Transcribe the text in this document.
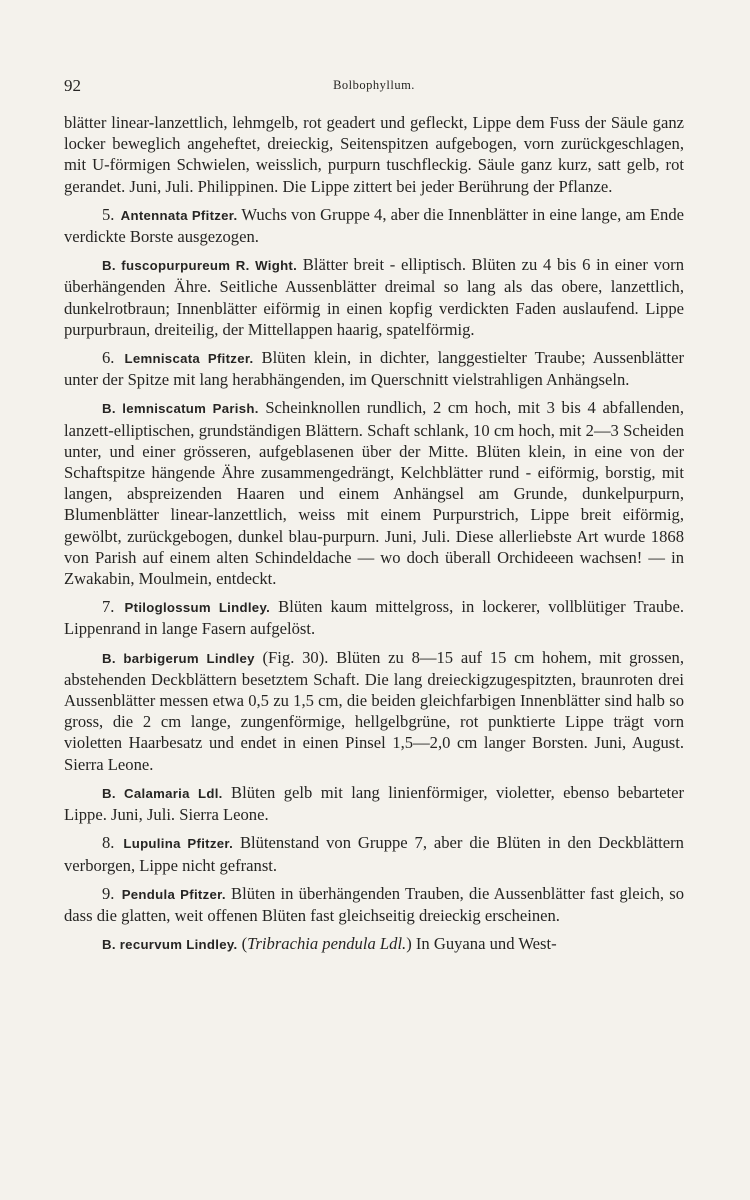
92	Bolbophyllum.

blätter linear-lanzettlich, lehmgelb, rot geadert und gefleckt, Lippe dem Fuss der Säule ganz locker beweglich angeheftet, dreieckig, Seitenspitzen aufgebogen, vorn zurückgeschlagen, mit U-förmigen Schwielen, weisslich, purpurn tuschfleckig. Säule ganz kurz, satt gelb, rot gerandet. Juni, Juli. Philippinen. Die Lippe zittert bei jeder Berührung der Pflanze.

5. Antennata Pfitzer. Wuchs von Gruppe 4, aber die Innenblätter in eine lange, am Ende verdickte Borste ausgezogen.

B. fuscopurpureum R. Wight. Blätter breit - elliptisch. Blüten zu 4 bis 6 in einer vorn überhängenden Ähre. Seitliche Aussenblätter dreimal so lang als das obere, lanzettlich, dunkelrotbraun; Innenblätter eiförmig in einen kopfig verdickten Faden auslaufend. Lippe purpurbraun, dreiteilig, der Mittellappen haarig, spatelförmig.

6. Lemniscata Pfitzer. Blüten klein, in dichter, langgestielter Traube; Aussenblätter unter der Spitze mit lang herabhängenden, im Querschnitt vielstrahligen Anhängseln.

B. lemniscatum Parish. Scheinknollen rundlich, 2 cm hoch, mit 3 bis 4 abfallenden, lanzett-elliptischen, grundständigen Blättern. Schaft schlank, 10 cm hoch, mit 2—3 Scheiden unter, und einer grösseren, aufgeblasenen über der Mitte. Blüten klein, in eine von der Schaftspitze hängende Ähre zusammengedrängt, Kelchblätter rund - eiförmig, borstig, mit langen, abspreizenden Haaren und einem Anhängsel am Grunde, dunkelpurpurn, Blumenblätter linear-lanzettlich, weiss mit einem Purpurstrich, Lippe breit eiförmig, gewölbt, zurückgebogen, dunkel blau-purpurn. Juni, Juli. Diese allerliebste Art wurde 1868 von Parish auf einem alten Schindeldache — wo doch überall Orchideeen wachsen! — in Zwakabin, Moulmein, entdeckt.

7. Ptiloglossum Lindley. Blüten kaum mittelgross, in lockerer, vollblütiger Traube. Lippenrand in lange Fasern aufgelöst.

B. barbigerum Lindley (Fig. 30). Blüten zu 8—15 auf 15 cm hohem, mit grossen, abstehenden Deckblättern besetztem Schaft. Die lang dreieckigzugespitzten, braunroten drei Aussenblätter messen etwa 0,5 zu 1,5 cm, die beiden gleichfarbigen Innenblätter sind halb so gross, die 2 cm lange, zungenförmige, hellgelbgrüne, rot punktierte Lippe trägt vorn violetten Haarbesatz und endet in einen Pinsel 1,5—2,0 cm langer Borsten. Juni, August. Sierra Leone.

B. Calamaria Ldl. Blüten gelb mit lang linienförmiger, violetter, ebenso bebarteter Lippe. Juni, Juli. Sierra Leone.

8. Lupulina Pfitzer. Blütenstand von Gruppe 7, aber die Blüten in den Deckblättern verborgen, Lippe nicht gefranst.

9. Pendula Pfitzer. Blüten in überhängenden Trauben, die Aussenblätter fast gleich, so dass die glatten, weit offenen Blüten fast gleichseitig dreieckig erscheinen.

B. recurvum Lindley. (Tribrachia pendula Ldl.) In Guyana und West-
